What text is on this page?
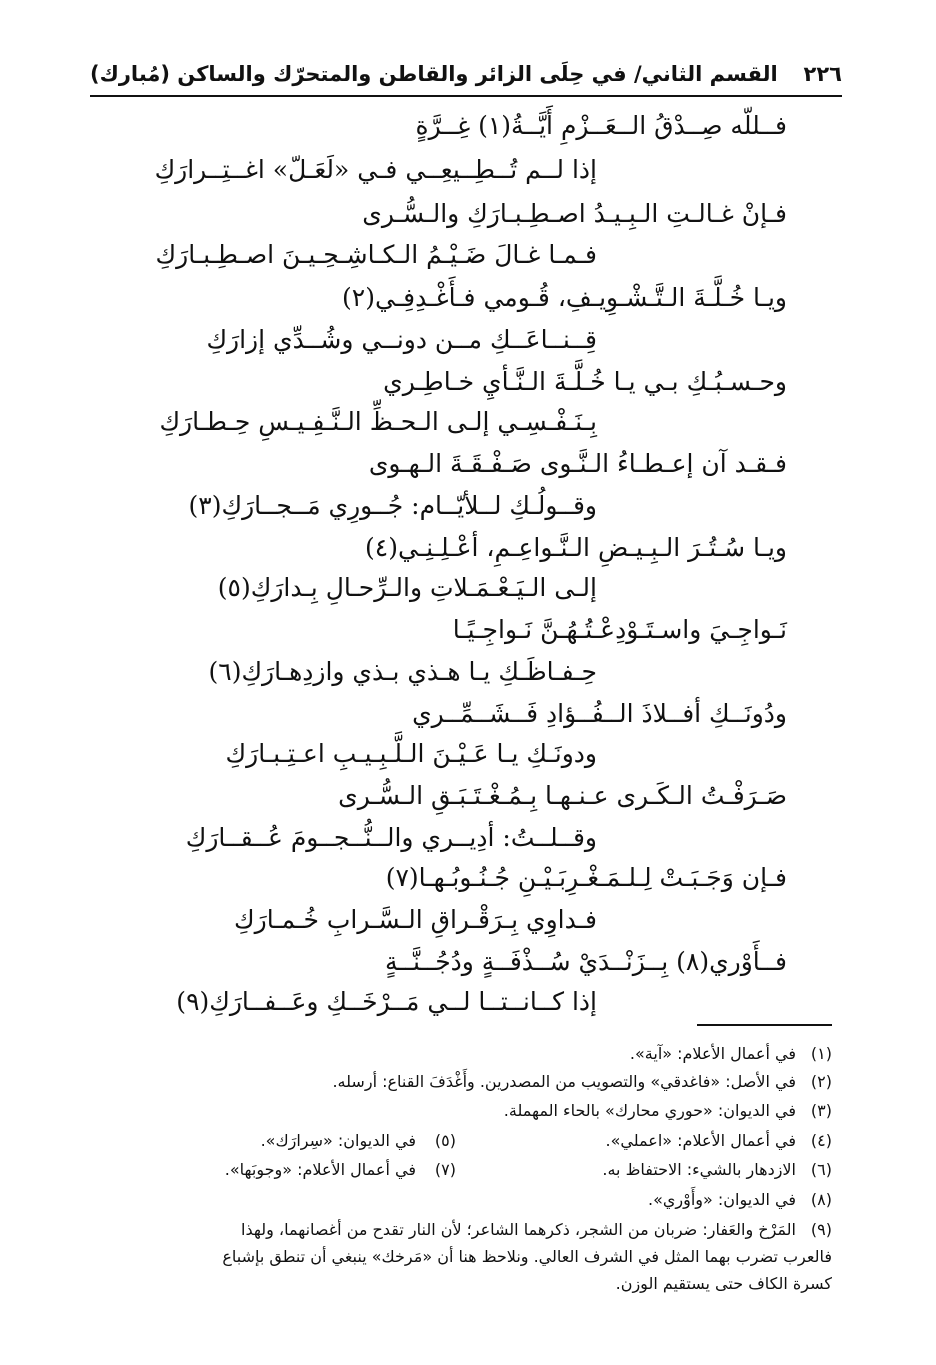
٢٢٦
القسم الثاني/ في حِلَى الزائر والقاطن والمتحرّك والساكن (مُبارك)
فــللّه صِــدْقُ الــعَــزْمِ أَيَّــةُ(١) غِــرَّةٍ
إذا لــم تُــطِــيعِــي فـي «لَعَـلّ» اغــتِــرارَكِ
فـإنْ غـالـتِ الـبِـيـدُ اصـطِـبـارَكِ والـسُّـرى
فـمـا غـالَ ضَـيْـمُ الـكـاشِـحِـيـنَ اصـطِـبـارَكِ
ويـا خُـلَّـةَ الـتَّـشْـوِيـفِ، قُـومي فـأَغْـدِفِـي(٢)
قِــنــاعَــكِ مــن دونــي وشُــدِّي إزارَكِ
وحـسـبُـكِ بـي يـا خُـلَّـةَ الـنَّـأيِ خـاطِـري
بِـنَـفْـسِـي إلـى الـحـظِّ الـنَّـفِـيـسِ حِـطـارَكِ
فـقـد آن إعـطـاءُ الـنَّـوى صَـفْـقَـةَ الـهـوى
وقــولُـكِ لــلأيّــام: جُــورِي مَــجــارَكِ(٣)
ويـا سُـتُـرَ الـبِـيـضِ الـنَّـواعِـمِ، أعْـلِـنِـي(٤)
إلـى الـيَـعْـمَـلاتِ والـرِّحـالِ بِـدارَكِ(٥)
نَـواجِـيَ واسـتَـوْدِعْـتُـهُـنَّ نَـواجِـيًـا
حِـفـاظَـكِ يـا هـذي بـذي وازدِهـارَكِ(٦)
ودُونَــكِ أفــلاذَ الــفُــؤادِ فَــشَــمِّــري
ودونَـكِ يـا عَـيْـنَ الـلَّـبِـيـبِ اعـتِـبـارَكِ
صَـرَفْـتُ الـكَـرى عـنـهـا بِـمُـغْـتَـبَـقِ الـسُّـرى
وقــلــتُ: أدِيــري والــنُّــجــومَ عُــقــارَكِ
فـإن وَجَـبَـتْ لِـلـمَـغْـرِبَـيْـنِ جُـنُـوبُـهـا(٧)
فـداوِي بِـرَقْـراقِ الـسَّـرابِ خُـمـارَكِ
فــأَوْري(٨) بِــزَنْــدَيْ سُــذْفَــةٍ ودُجُــنَّــةٍ
إذا كــانــتــا لــي مَــرْخَــكِ وعَــفــارَكِ(٩)
(١)
في أعمال الأعلام: «آية».
(٢)
في الأصل: «فاغدقي» والتصويب من المصدرين. وأَغْدَفَ القناع: أرسله.
(٣)
في الديوان: «حوري محارك» بالحاء المهملة.
(٤)
في أعمال الأعلام: «اعملي».
(٥)
في الديوان: «سِرارَك».
(٦)
الازدهار بالشيء: الاحتفاظ به.
(٧)
في أعمال الأعلام: «وجوبَها».
(٨)
في الديوان: «وأَوْري».
(٩)
المَرْخ والعَفار: ضربان من الشجر، ذكرهما الشاعر؛ لأن النار تقدح من أغصانهما، ولهذا
فالعرب تضرب بهما المثل في الشرف العالي. ونلاحظ هنا أن «مَرخك» ينبغي أن تنطق بإشباع
كسرة الكاف حتى يستقيم الوزن.
